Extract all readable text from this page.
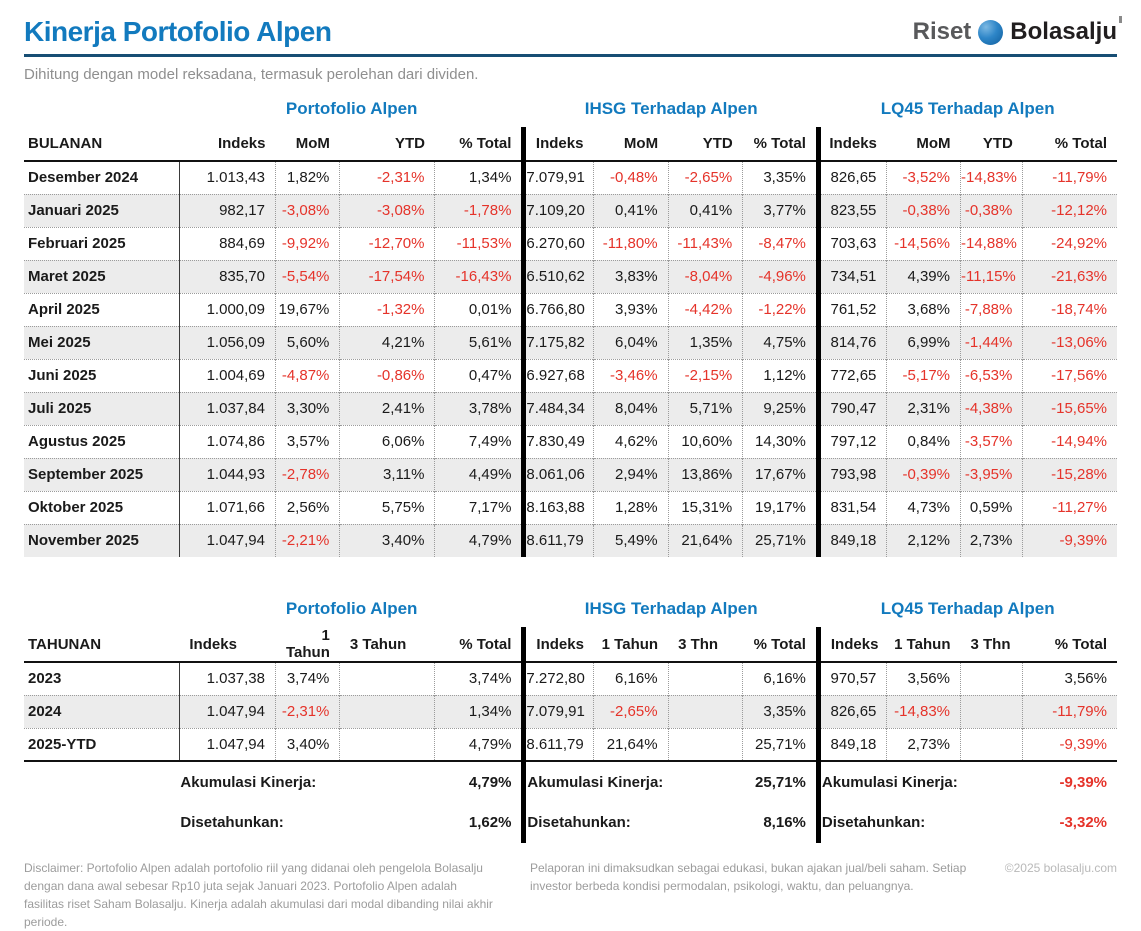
Kinerja Portofolio Alpen	Riset Bolasalju
Dihitung dengan model reksadana, termasuk perolehan dari dividen.
	Portofolio Alpen				IHSG Terhadap Alpen				LQ45 Terhadap Alpen			
BULANAN	Indeks	MoM	YTD	% Total	Indeks	MoM	YTD	% Total	Indeks	MoM	YTD	% Total
Desember 2024	1.013,43	1,82%	-2,31%	1,34%	7.079,91	-0,48%	-2,65%	3,35%	826,65	-3,52%	-14,83%	-11,79%
Januari 2025	982,17	-3,08%	-3,08%	-1,78%	7.109,20	0,41%	0,41%	3,77%	823,55	-0,38%	-0,38%	-12,12%
Februari 2025	884,69	-9,92%	-12,70%	-11,53%	6.270,60	-11,80%	-11,43%	-8,47%	703,63	-14,56%	-14,88%	-24,92%
Maret 2025	835,70	-5,54%	-17,54%	-16,43%	6.510,62	3,83%	-8,04%	-4,96%	734,51	4,39%	-11,15%	-21,63%
April 2025	1.000,09	19,67%	-1,32%	0,01%	6.766,80	3,93%	-4,42%	-1,22%	761,52	3,68%	-7,88%	-18,74%
Mei 2025	1.056,09	5,60%	4,21%	5,61%	7.175,82	6,04%	1,35%	4,75%	814,76	6,99%	-1,44%	-13,06%
Juni 2025	1.004,69	-4,87%	-0,86%	0,47%	6.927,68	-3,46%	-2,15%	1,12%	772,65	-5,17%	-6,53%	-17,56%
Juli 2025	1.037,84	3,30%	2,41%	3,78%	7.484,34	8,04%	5,71%	9,25%	790,47	2,31%	-4,38%	-15,65%
Agustus 2025	1.074,86	3,57%	6,06%	7,49%	7.830,49	4,62%	10,60%	14,30%	797,12	0,84%	-3,57%	-14,94%
September 2025	1.044,93	-2,78%	3,11%	4,49%	8.061,06	2,94%	13,86%	17,67%	793,98	-0,39%	-3,95%	-15,28%
Oktober 2025	1.071,66	2,56%	5,75%	7,17%	8.163,88	1,28%	15,31%	19,17%	831,54	4,73%	0,59%	-11,27%
November 2025	1.047,94	-2,21%	3,40%	4,79%	8.611,79	5,49%	21,64%	25,71%	849,18	2,12%	2,73%	-9,39%
	Portofolio Alpen				IHSG Terhadap Alpen				LQ45 Terhadap Alpen			
TAHUNAN	Indeks	1 Tahun	3 Tahun	% Total	Indeks	1 Tahun	3 Thn	% Total	Indeks	1 Tahun	3 Thn	% Total
2023	1.037,38	3,74%		3,74%	7.272,80	6,16%		6,16%	970,57	3,56%		3,56%
2024	1.047,94	-2,31%		1,34%	7.079,91	-2,65%		3,35%	826,65	-14,83%		-11,79%
2025-YTD	1.047,94	3,40%		4,79%	8.611,79	21,64%		25,71%	849,18	2,73%		-9,39%

	Akumulasi Kinerja: 4,79%				Akumulasi Kinerja: 25,71%				Akumulasi Kinerja: -9,39%			

	Disetahunkan: 1,62%				Disetahunkan: 8,16%				Disetahunkan: -3,32%			
Disclaimer: Portofolio Alpen adalah portofolio riil yang didanai oleh pengelola Bolasalju dengan dana awal sebesar Rp10 juta sejak Januari 2023. Portofolio Alpen adalah fasilitas riset Saham Bolasalju. Kinerja adalah akumulasi dari modal dibanding nilai akhir periode.
Pelaporan ini dimaksudkan sebagai edukasi, bukan ajakan jual/beli saham. Setiap investor berbeda kondisi permodalan, psikologi, waktu, dan peluangnya.
©2025 bolasalju.com
